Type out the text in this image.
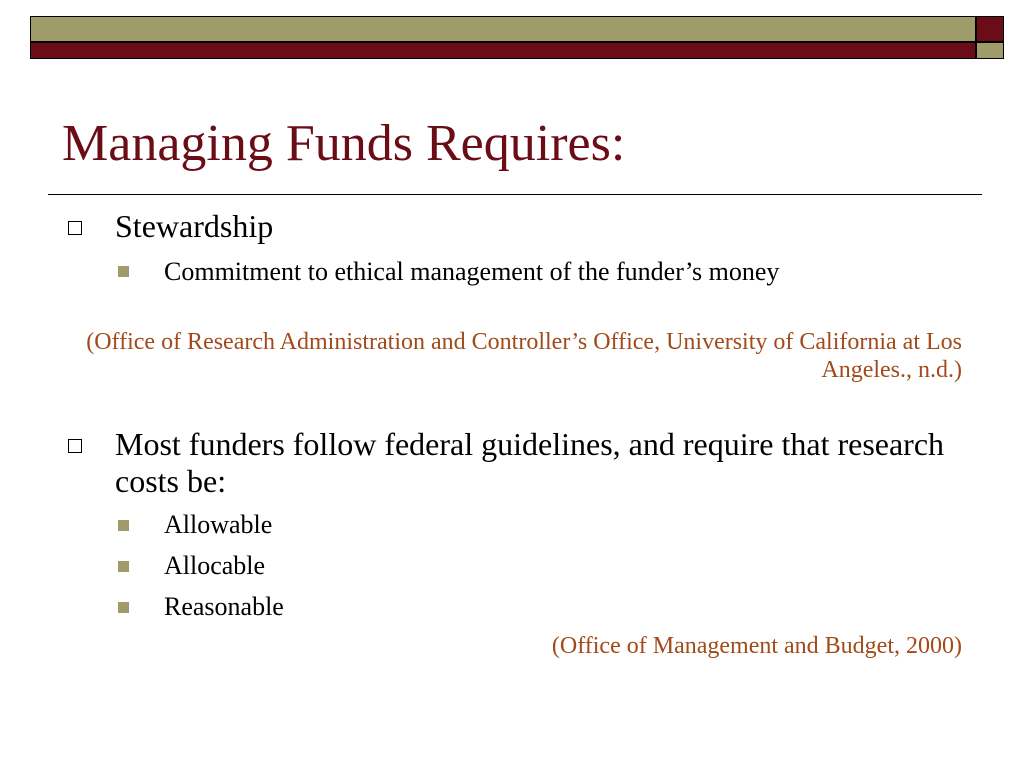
Managing Funds Requires:
Stewardship
Commitment to ethical management of the funder’s money
(Office of Research Administration and Controller’s Office, University of California at Los Angeles., n.d.)
Most funders follow federal guidelines, and require that research costs be:
Allowable
Allocable
Reasonable
(Office of Management and Budget, 2000)
